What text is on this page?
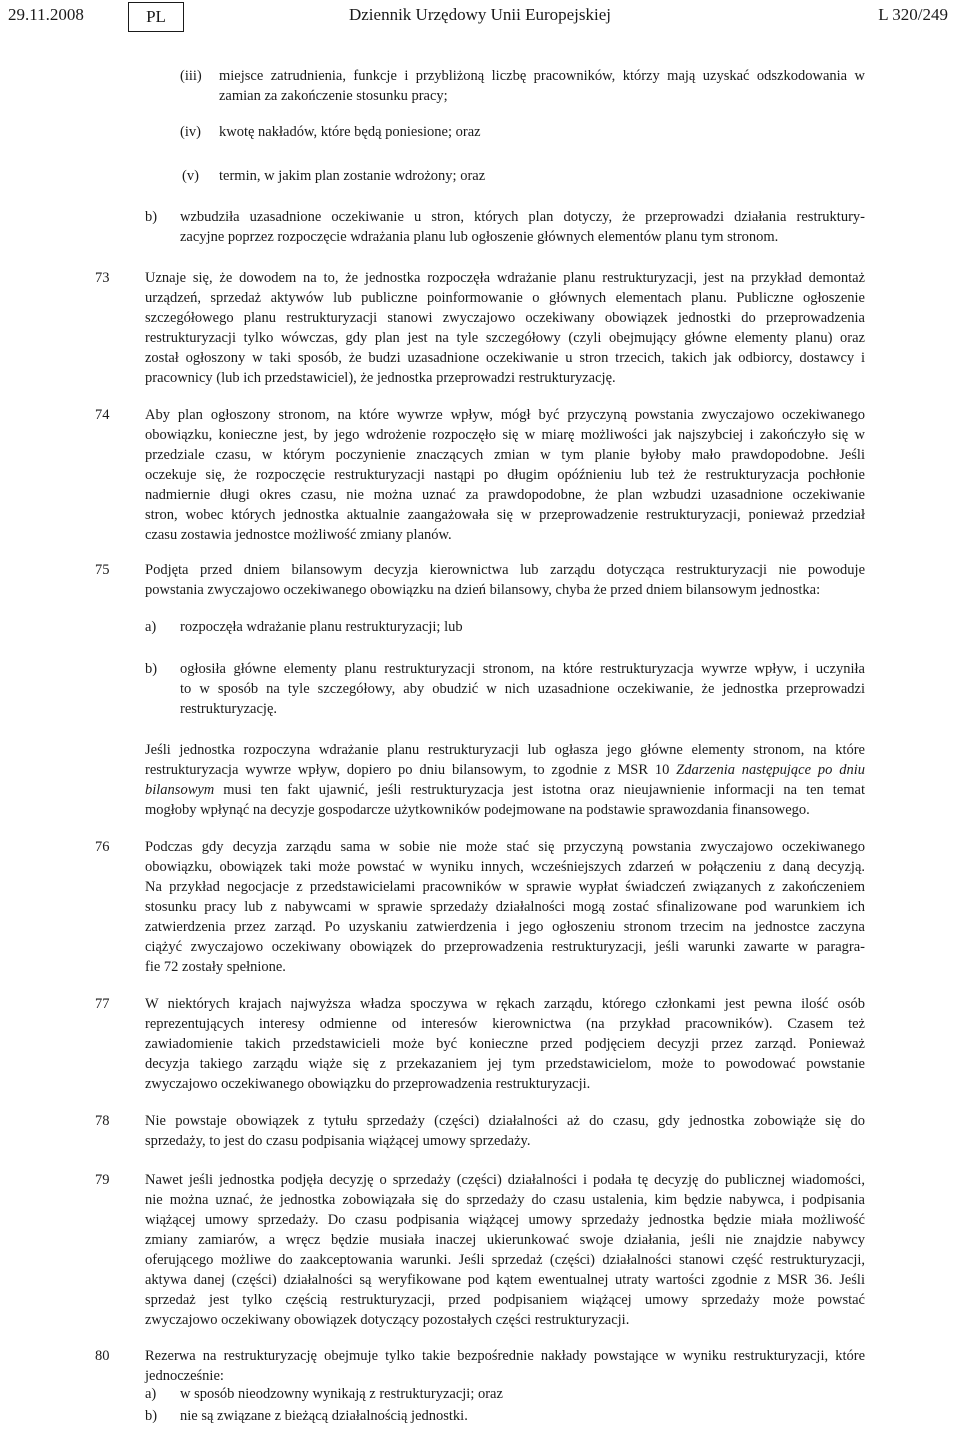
29.11.2008	PL	Dziennik Urzędowy Unii Europejskiej	L 320/249
(iii) miejsce zatrudnienia, funkcje i przybliżoną liczbę pracowników, którzy mają uzyskać odszkodowania w
zamian za zakończenie stosunku pracy;
(iv) kwotę nakładów, które będą poniesione; oraz
(v) termin, w jakim plan zostanie wdrożony; oraz
b) wzbudziła uzasadnione oczekiwanie u stron, których plan dotyczy, że przeprowadzi działania restruktury-
zacyjne poprzez rozpoczęcie wdrażania planu lub ogłoszenie głównych elementów planu tym stronom.
73 Uznaje się, że dowodem na to, że jednostka rozpoczęła wdrażanie planu restrukturyzacji, jest na przykład demontaż
urządzeń, sprzedaż aktywów lub publiczne poinformowanie o głównych elementach planu. Publiczne ogłoszenie
szczegółowego planu restrukturyzacji stanowi zwyczajowo oczekiwany obowiązek jednostki do przeprowadzenia
restrukturyzacji tylko wówczas, gdy plan jest na tyle szczegółowy (czyli obejmujący główne elementy planu) oraz
został ogłoszony w taki sposób, że budzi uzasadnione oczekiwanie u stron trzecich, takich jak odbiorcy, dostawcy i
pracownicy (lub ich przedstawiciel), że jednostka przeprowadzi restrukturyzację.
74 Aby plan ogłoszony stronom, na które wywrze wpływ, mógł być przyczyną powstania zwyczajowo oczekiwanego
obowiązku, konieczne jest, by jego wdrożenie rozpoczęło się w miarę możliwości jak najszybciej i zakończyło się w
przedziale czasu, w którym poczynienie znaczących zmian w tym planie byłoby mało prawdopodobne. Jeśli
oczekuje się, że rozpoczęcie restrukturyzacji nastąpi po długim opóźnieniu lub też że restrukturyzacja pochłonie
nadmiernie długi okres czasu, nie można uznać za prawdopodobne, że plan wzbudzi uzasadnione oczekiwanie
stron, wobec których jednostka aktualnie zaangażowała się w przeprowadzenie restrukturyzacji, ponieważ przedział
czasu zostawia jednostce możliwość zmiany planów.
75 Podjęta przed dniem bilansowym decyzja kierownictwa lub zarządu dotycząca restrukturyzacji nie powoduje
powstania zwyczajowo oczekiwanego obowiązku na dzień bilansowy, chyba że przed dniem bilansowym jednostka:
a) rozpoczęła wdrażanie planu restrukturyzacji; lub
b) ogłosiła główne elementy planu restrukturyzacji stronom, na które restrukturyzacja wywrze wpływ, i uczyniła
to w sposób na tyle szczegółowy, aby obudzić w nich uzasadnione oczekiwanie, że jednostka przeprowadzi
restrukturyzację.
Jeśli jednostka rozpoczyna wdrażanie planu restrukturyzacji lub ogłasza jego główne elementy stronom, na które
restrukturyzacja wywrze wpływ, dopiero po dniu bilansowym, to zgodnie z MSR 10 Zdarzenia następujące po dniu
bilansowym musi ten fakt ujawnić, jeśli restrukturyzacja jest istotna oraz nieujawnienie informacji na ten temat
mogłoby wpłynąć na decyzje gospodarcze użytkowników podejmowane na podstawie sprawozdania finansowego.
76 Podczas gdy decyzja zarządu sama w sobie nie może stać się przyczyną powstania zwyczajowo oczekiwanego
obowiązku, obowiązek taki może powstać w wyniku innych, wcześniejszych zdarzeń w połączeniu z daną decyzją.
Na przykład negocjacje z przedstawicielami pracowników w sprawie wypłat świadczeń związanych z zakończeniem
stosunku pracy lub z nabywcami w sprawie sprzedaży działalności mogą zostać sfinalizowane pod warunkiem ich
zatwierdzenia przez zarząd. Po uzyskaniu zatwierdzenia i jego ogłoszeniu stronom trzecim na jednostce zaczyna
ciążyć zwyczajowo oczekiwany obowiązek do przeprowadzenia restrukturyzacji, jeśli warunki zawarte w paragra-
fie 72 zostały spełnione.
77 W niektórych krajach najwyższa władza spoczywa w rękach zarządu, którego członkami jest pewna ilość osób
reprezentujących interesy odmienne od interesów kierownictwa (na przykład pracowników). Czasem też
zawiadomienie takich przedstawicieli może być konieczne przed podjęciem decyzji przez zarząd. Ponieważ
decyzja takiego zarządu wiąże się z przekazaniem jej tym przedstawicielom, może to powodować powstanie
zwyczajowo oczekiwanego obowiązku do przeprowadzenia restrukturyzacji.
78 Nie powstaje obowiązek z tytułu sprzedaży (części) działalności aż do czasu, gdy jednostka zobowiąże się do
sprzedaży, to jest do czasu podpisania wiążącej umowy sprzedaży.
79 Nawet jeśli jednostka podjęła decyzję o sprzedaży (części) działalności i podała tę decyzję do publicznej wiadomości,
nie można uznać, że jednostka zobowiązała się do sprzedaży do czasu ustalenia, kim będzie nabywca, i podpisania
wiążącej umowy sprzedaży. Do czasu podpisania wiążącej umowy sprzedaży jednostka będzie miała możliwość
zmiany zamiarów, a wręcz będzie musiała inaczej ukierunkować swoje działania, jeśli nie znajdzie nabywcy
oferującego możliwe do zaakceptowania warunki. Jeśli sprzedaż (części) działalności stanowi część restrukturyzacji,
aktywa danej (części) działalności są weryfikowane pod kątem ewentualnej utraty wartości zgodnie z MSR 36. Jeśli
sprzedaż jest tylko częścią restrukturyzacji, przed podpisaniem wiążącej umowy sprzedaży może powstać
zwyczajowo oczekiwany obowiązek dotyczący pozostałych części restrukturyzacji.
80 Rezerwa na restrukturyzację obejmuje tylko takie bezpośrednie nakłady powstające w wyniku restrukturyzacji, które
jednocześnie:
a) w sposób nieodzowny wynikają z restrukturyzacji; oraz
b) nie są związane z bieżącą działalnością jednostki.
